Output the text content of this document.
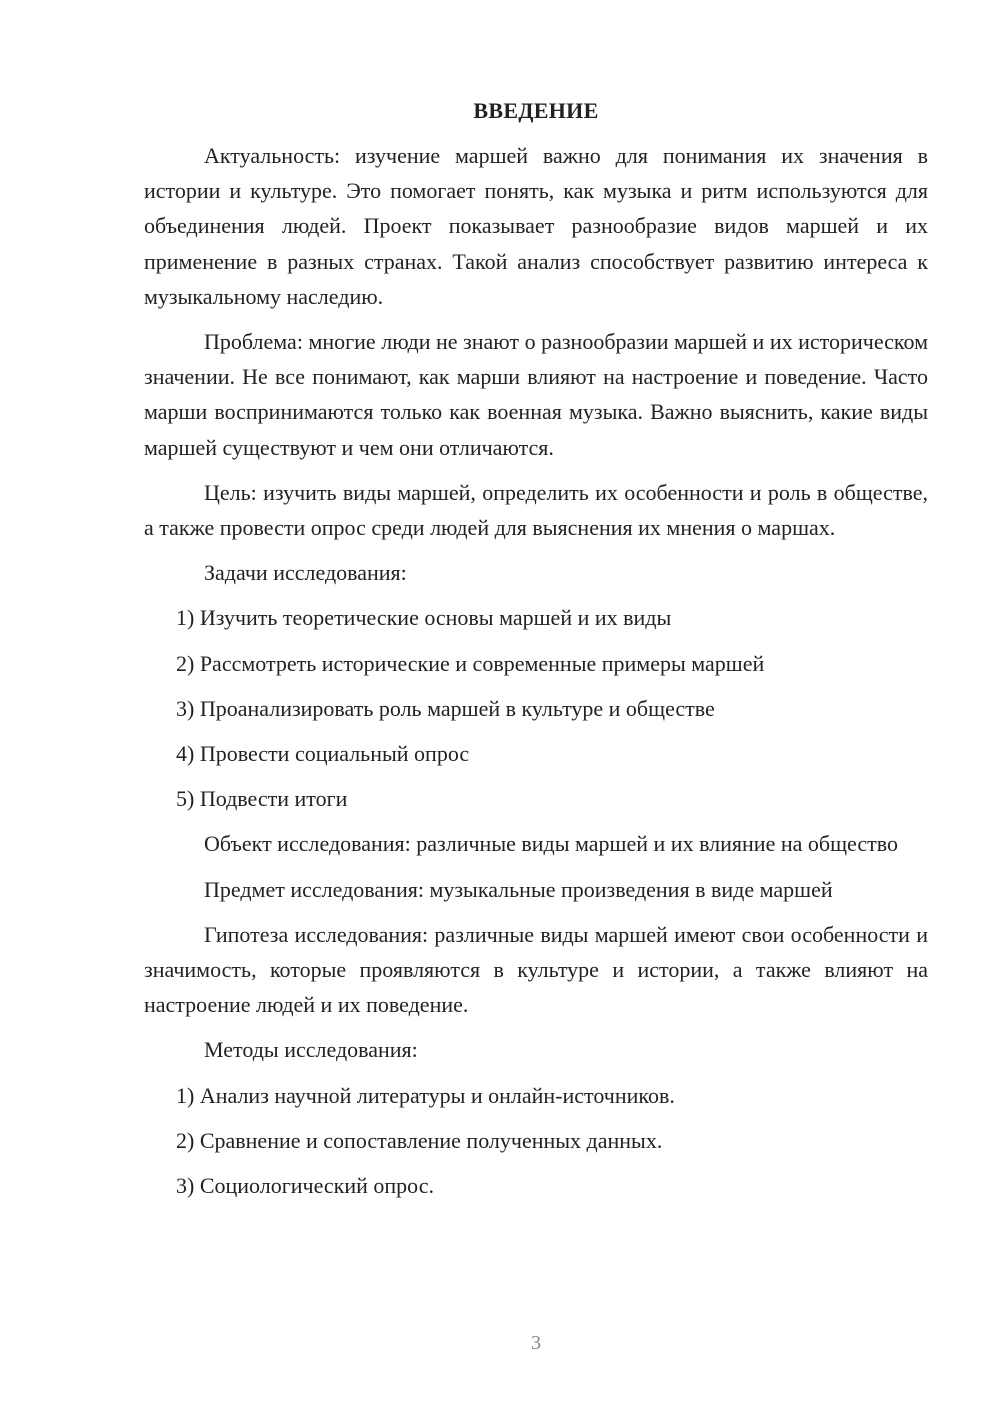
ВВЕДЕНИЕ

Актуальность: изучение маршей важно для понимания их значения в истории и культуре. Это помогает понять, как музыка и ритм используются для объединения людей. Проект показывает разнообразие видов маршей и их применение в разных странах. Такой анализ способствует развитию интереса к музыкальному наследию.

Проблема: многие люди не знают о разнообразии маршей и их историческом значении. Не все понимают, как марши влияют на настроение и поведение. Часто марши воспринимаются только как военная музыка. Важно выяснить, какие виды маршей существуют и чем они отличаются.

Цель: изучить виды маршей, определить их особенности и роль в обществе, а также провести опрос среди людей для выяснения их мнения о маршах.

Задачи исследования:
1) Изучить теоретические основы маршей и их виды
2) Рассмотреть исторические и современные примеры маршей
3) Проанализировать роль маршей в культуре и обществе
4) Провести социальный опрос
5) Подвести итоги

Объект исследования: различные виды маршей и их влияние на общество

Предмет исследования: музыкальные произведения в виде маршей

Гипотеза исследования: различные виды маршей имеют свои особенности и значимость, которые проявляются в культуре и истории, а также влияют на настроение людей и их поведение.

Методы исследования:
1) Анализ научной литературы и онлайн-источников.
2) Сравнение и сопоставление полученных данных.
3) Социологический опрос.
3
